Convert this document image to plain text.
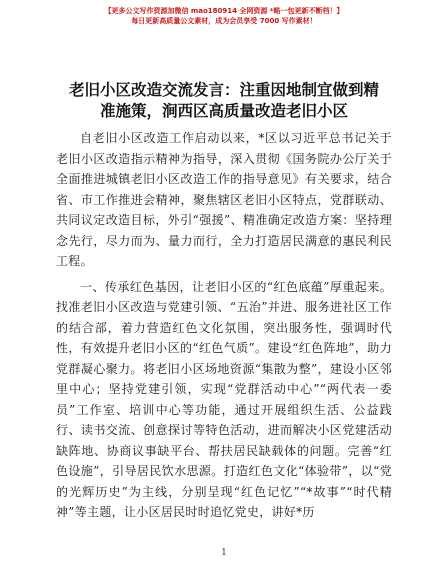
【更多公文写作资源加微信 mao180914 全网资源 *略一包更新不断档！】
每日更新高质量公文素材，成为会员享受 7000 写作素材！
老旧小区改造交流发言：注重因地制宜做到精
准施策，涧西区高质量改造老旧小区

自老旧小区改造工作启动以来，*区以习近平总书记关于老旧小区改造指示精神为指导，深入贯彻《国务院办公厅关于全面推进城镇老旧小区改造工作的指导意见》有关要求，结合省、市工作推进会精神，聚焦辖区老旧小区特点，党群联动、共同议定改造目标，外引“强援”、精准确定改造方案：坚持理念先行，尽力而为、量力而行，全力打造居民满意的惠民利民工程。

一、传承红色基因，让老旧小区的“红色底蕴”厚重起来。找准老旧小区改造与党建引领、“五治”并进、服务进社区工作的结合部，着力营造红色文化氛围，突出服务性，强调时代性，有效提升老旧小区的“红色气质”。建设“红色阵地”，助力党群凝心聚力。将老旧小区场地资源“集散为整”，建设小区邻里中心；坚持党建引领，实现“党群活动中心”“两代表一委员”工作室、培训中心等功能，通过开展组织生活、公益践行、读书交流、创意探讨等特色活动，进而解决小区党建活动缺阵地、协商议事缺平台、帮扶居民缺载体的问题。完善“红色设施”，引导居民饮水思源。打造红色文化“体验带”，以“党的光辉历史”为主线，分别呈现“红色记忆”“*故事”“时代精神”等主题，让小区居民时时追忆党史，讲好*历

1
